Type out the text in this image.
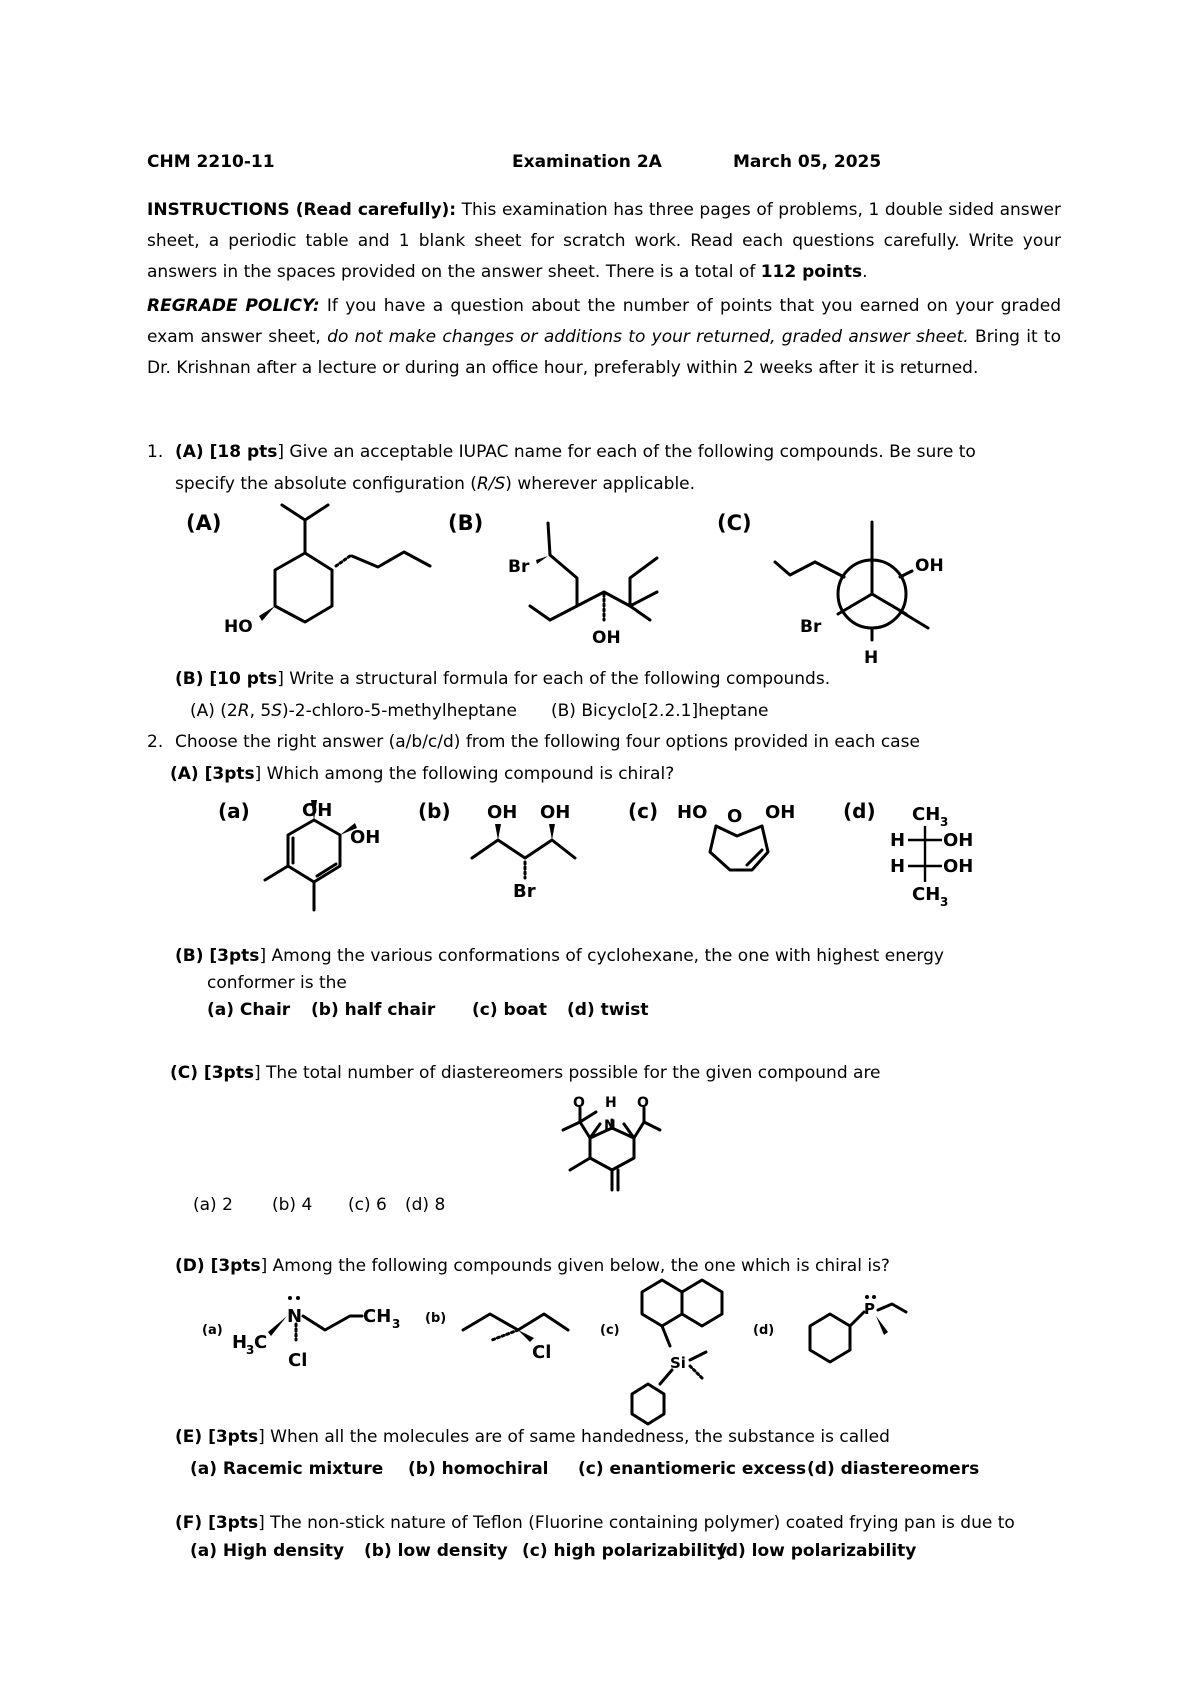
CHM 2210-11	Examination 2A	March 05, 2025
INSTRUCTIONS (Read carefully): This examination has three pages of problems, 1 double sided answer sheet, a periodic table and 1 blank sheet for scratch work. Read each questions carefully. Write your answers in the spaces provided on the answer sheet. There is a total of 112 points.
REGRADE POLICY: If you have a question about the number of points that you earned on your graded exam answer sheet, do not make changes or additions to your returned, graded answer sheet. Bring it to Dr. Krishnan after a lecture or during an office hour, preferably within 2 weeks after it is returned.
1. (A) [18 pts] Give an acceptable IUPAC name for each of the following compounds. Be sure to
specify the absolute configuration (R/S) wherever applicable.
(A)	(B)	(C)
HO
Br
OH
OH
Br
H
(B) [10 pts] Write a structural formula for each of the following compounds.
(A) (2R, 5S)-2-chloro-5-methylheptane (B) Bicyclo[2.2.1]heptane
2. Choose the right answer (a/b/c/d) from the following four options provided in each case
(A) [3pts] Which among the following compound is chiral?
(a)	(b)	(c)	(d)
OH
OH
OH OH
Br
HO O OH	CH 3
H OH
H OH
CH 3
(B) [3pts] Among the various conformations of cyclohexane, the one with highest energy
conformer is the
(a) Chair (b) half chair (c) boat (d) twist
(C) [3pts] The total number of diastereomers possible for the given compound are
O H O
N
(a) 2 (b) 4 (c) 6 (d) 8
(D) [3pts] Among the following compounds given below, the one which is chiral is?
(a)
(b)
(c)	(d)
N	CH 3
H
3 C
Cl	Cl	Si
P
(E) [3pts] When all the molecules are of same handedness, the substance is called
(a) Racemic mixture (b) homochiral (c) enantiomeric excess (d) diastereomers
(F) [3pts] The non-stick nature of Teflon (Fluorine containing polymer) coated frying pan is due to
(a) High density (b) low density (c) high polarizability
(d) low polarizability
